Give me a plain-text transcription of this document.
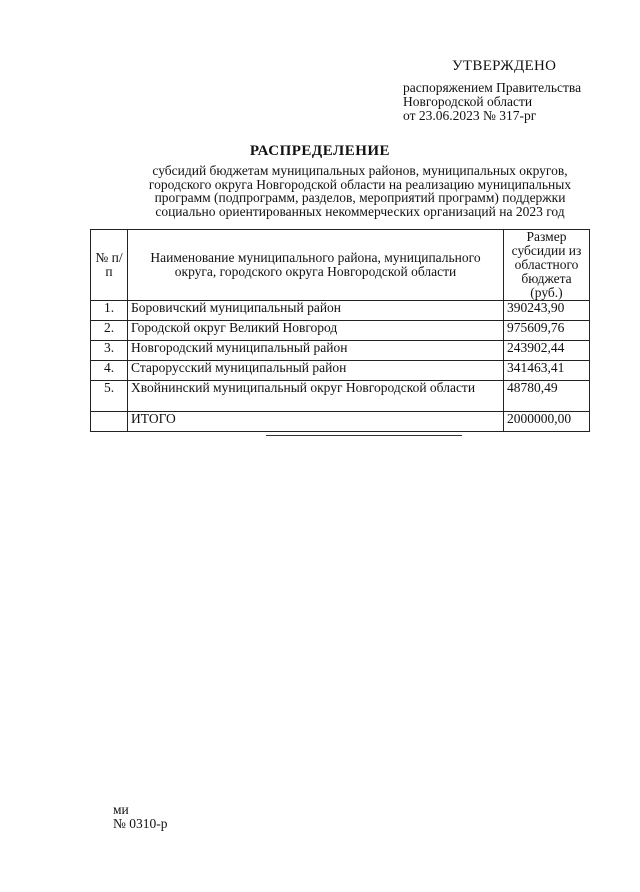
УТВЕРЖДЕНО
распоряжением Правительства
Новгородской области
от 23.06.2023 № 317-рг
РАСПРЕДЕЛЕНИЕ
субсидий бюджетам муниципальных районов, муниципальных округов,
городского округа Новгородской области на реализацию муниципальных
программ (подпрограмм, разделов, мероприятий программ) поддержки
социально ориентированных некоммерческих организаций на 2023 год
№ п/п	Наименование муниципального района, муниципального округа, городского округа Новгородской области	Размер субсидии из областного бюджета (руб.)
1.	Боровичский муниципальный район	390243,90
2.	Городской округ Великий Новгород	975609,76
3.	Новгородский муниципальный район	243902,44
4.	Старорусский муниципальный район	341463,41
5.	Хвойнинский муниципальный округ Новгородской области	48780,49
	ИТОГО	2000000,00
ми
№ 0310-р
